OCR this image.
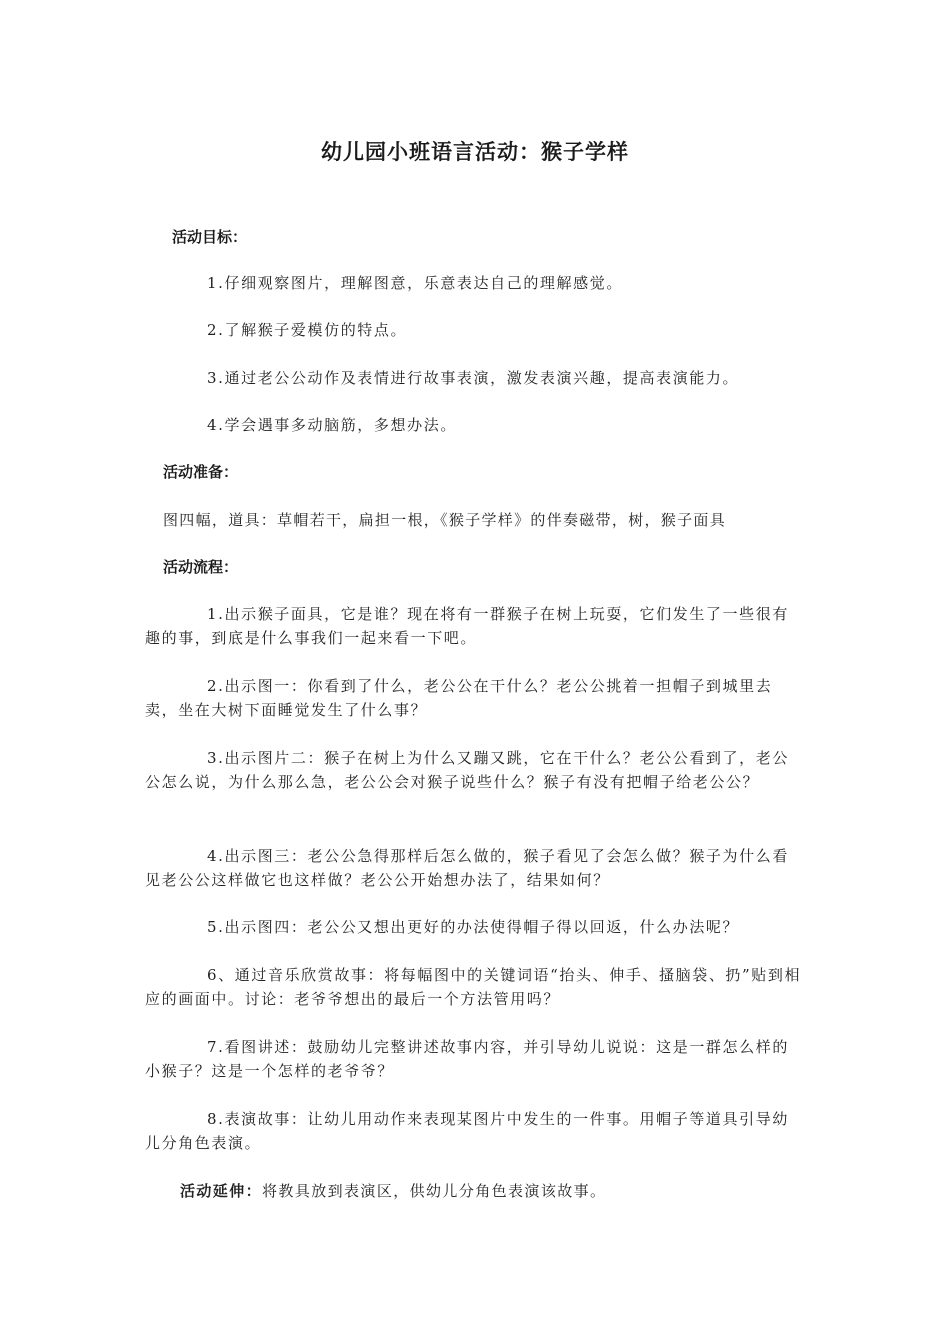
幼儿园小班语言活动：猴子学样
活动目标：
1.仔细观察图片，理解图意，乐意表达自己的理解感觉。
2.了解猴子爱模仿的特点。
3.通过老公公动作及表情进行故事表演，激发表演兴趣，提高表演能力。
4.学会遇事多动脑筋，多想办法。
活动准备：
图四幅，道具：草帽若干，扁担一根，《猴子学样》的伴奏磁带，树，猴子面具
活动流程：
1.出示猴子面具，它是谁？现在将有一群猴子在树上玩耍，它们发生了一些很有趣的事，到底是什么事我们一起来看一下吧。
2.出示图一：你看到了什么，老公公在干什么？老公公挑着一担帽子到城里去卖，坐在大树下面睡觉发生了什么事？
3.出示图片二：猴子在树上为什么又蹦又跳，它在干什么？老公公看到了，老公公怎么说，为什么那么急，老公公会对猴子说些什么？猴子有没有把帽子给老公公？
4.出示图三：老公公急得那样后怎么做的，猴子看见了会怎么做？猴子为什么看见老公公这样做它也这样做？老公公开始想办法了，结果如何？
5.出示图四：老公公又想出更好的办法使得帽子得以回返，什么办法呢？
6、通过音乐欣赏故事：将每幅图中的关键词语“抬头、伸手、搔脑袋、扔”贴到相应的画面中。讨论：老爷爷想出的最后一个方法管用吗？
7.看图讲述：鼓励幼儿完整讲述故事内容，并引导幼儿说说：这是一群怎么样的小猴子？这是一个怎样的老爷爷？
8.表演故事：让幼儿用动作来表现某图片中发生的一件事。用帽子等道具引导幼儿分角色表演。
活动延伸：将教具放到表演区，供幼儿分角色表演该故事。
